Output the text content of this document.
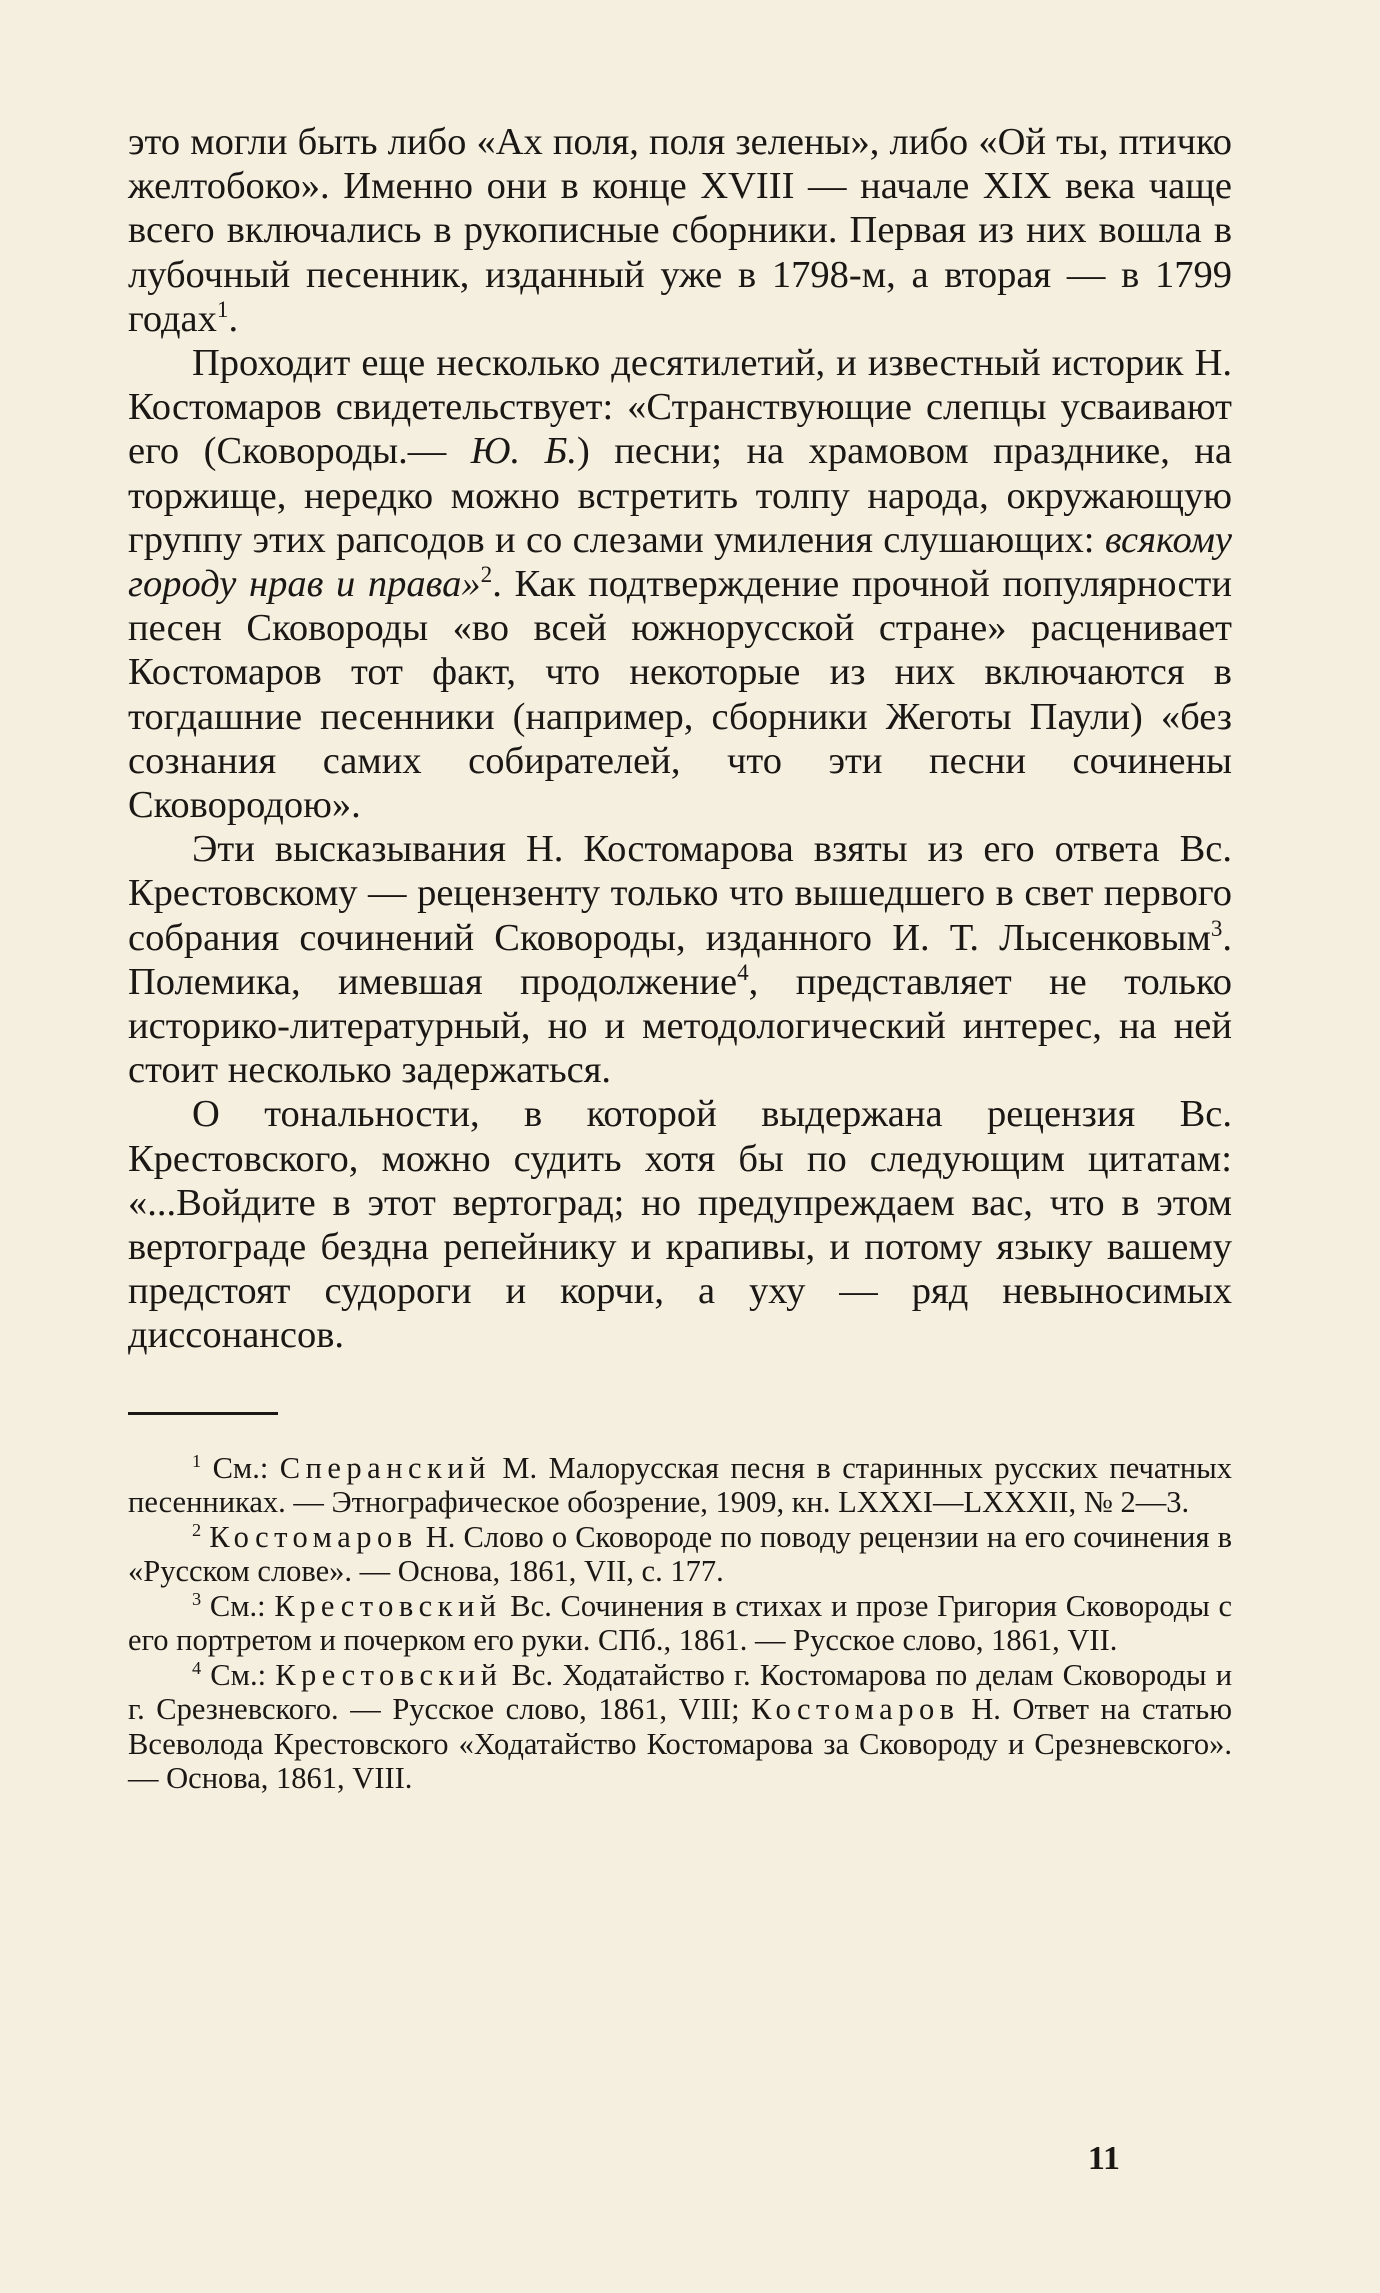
это могли быть либо «Ах поля, поля зелены», либо «Ой ты, птичко желтобоко». Именно они в конце XVIII — начале XIX века чаще всего включались в рукописные сборники. Первая из них вошла в лубочный песенник, изданный уже в 1798-м, а вторая — в 1799 годах$^1$.

Проходит еще несколько десятилетий, и известный историк Н. Костомаров свидетельствует: «Странствующие слепцы усваивают его (Сковороды.— Ю. Б.) песни; на храмовом празднике, на торжище, нередко можно встретить толпу народа, окружающую группу этих рапсодов и со слезами умиления слушающих: всякому городу нрав и права»$^2$. Как подтверждение прочной популярности песен Сковороды «во всей южнорусской стране» расценивает Костомаров тот факт, что некоторые из них включаются в тогдашние песенники (например, сборники Жеготы Паули) «без сознания самих собирателей, что эти песни сочинены Сковородою».

Эти высказывания Н. Костомарова взяты из его ответа Вс. Крестовскому — рецензенту только что вышедшего в свет первого собрания сочинений Сковороды, изданного И. Т. Лысенковым$^3$. Полемика, имевшая продолжение$^4$, представляет не только историко-литературный, но и методологический интерес, на ней стоит несколько задержаться.

О тональности, в которой выдержана рецензия Вс. Крестовского, можно судить хотя бы по следующим цитатам: «...Войдите в этот вертоград; но предупреждаем вас, что в этом вертограде бездна репейнику и крапивы, и потому языку вашему предстоят судороги и корчи, а уху — ряд невыносимых диссонансов.

$^1$ См.: Сперанский М. Малорусская песня в старинных русских печатных песенниках. — Этнографическое обозрение, 1909, кн. LXXXI—LXXXII, № 2—3.

$^2$ Костомаров Н. Слово о Сковороде по поводу рецензии на его сочинения в «Русском слове». — Основа, 1861, VII, с. 177.

$^3$ См.: Крестовский Вс. Сочинения в стихах и прозе Григория Сковороды с его портретом и почерком его руки. СПб., 1861. — Русское слово, 1861, VII.

$^4$ См.: Крестовский Вс. Ходатайство г. Костомарова по делам Сковороды и г. Срезневского. — Русское слово, 1861, VIII; Костомаров Н. Ответ на статью Всеволода Крестовского «Ходатайство Костомарова за Сковороду и Срезневского». — Основа, 1861, VIII.

11
